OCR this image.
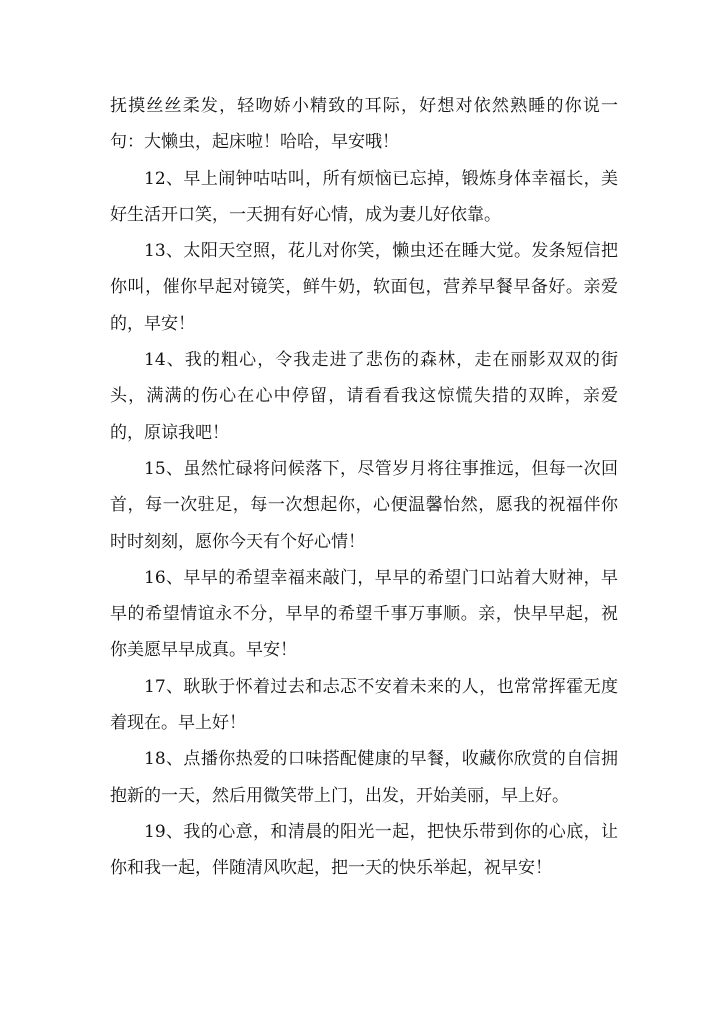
抚摸丝丝柔发，轻吻娇小精致的耳际，好想对依然熟睡的你说一句：大懒虫，起床啦！哈哈，早安哦！

12、早上闹钟咕咕叫，所有烦恼已忘掉，锻炼身体幸福长，美好生活开口笑，一天拥有好心情，成为妻儿好依靠。

13、太阳天空照，花儿对你笑，懒虫还在睡大觉。发条短信把你叫，催你早起对镜笑，鲜牛奶，软面包，营养早餐早备好。亲爱的，早安！

14、我的粗心，令我走进了悲伤的森林，走在丽影双双的街头，满满的伤心在心中停留，请看看我这惊慌失措的双眸，亲爱的，原谅我吧！

15、虽然忙碌将问候落下，尽管岁月将往事推远，但每一次回首，每一次驻足，每一次想起你，心便温馨怡然，愿我的祝福伴你时时刻刻，愿你今天有个好心情！

16、早早的希望幸福来敲门，早早的希望门口站着大财神，早早的希望情谊永不分，早早的希望千事万事顺。亲，快早早起，祝你美愿早早成真。早安！

17、耿耿于怀着过去和忐忑不安着未来的人，也常常挥霍无度着现在。早上好！

18、点播你热爱的口味搭配健康的早餐，收藏你欣赏的自信拥抱新的一天，然后用微笑带上门，出发，开始美丽，早上好。

19、我的心意，和清晨的阳光一起，把快乐带到你的心底，让你和我一起，伴随清风吹起，把一天的快乐举起，祝早安！
